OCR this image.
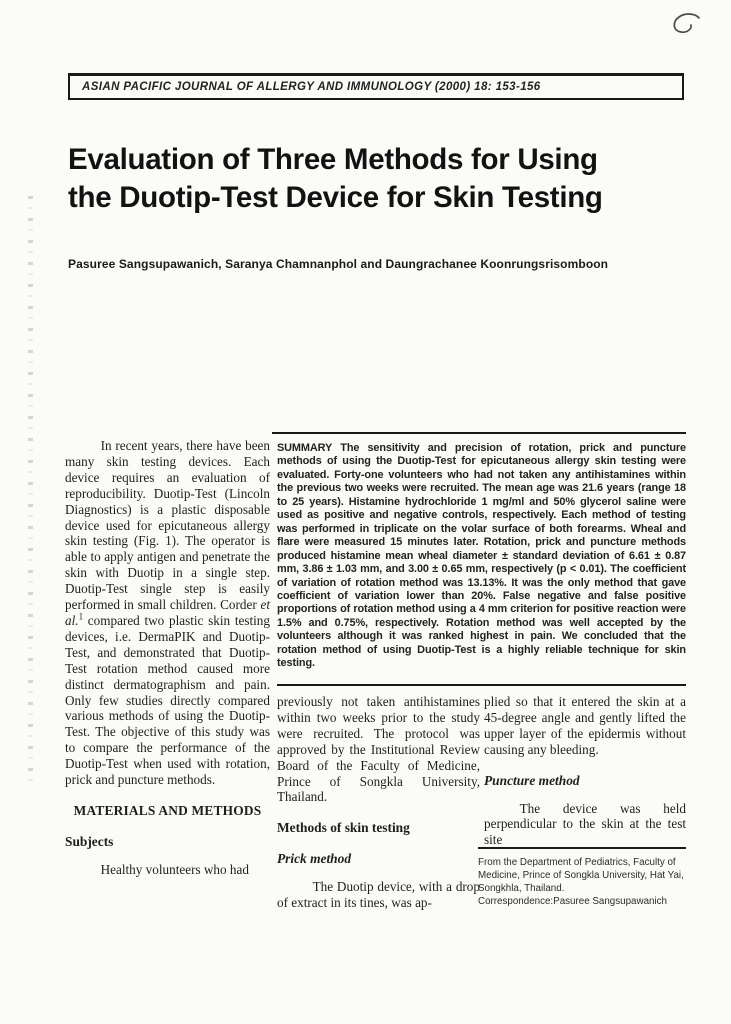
ASIAN PACIFIC JOURNAL OF ALLERGY AND IMMUNOLOGY (2000) 18: 153-156
Evaluation of Three Methods for Using
the Duotip-Test Device for Skin Testing
Pasuree Sangsupawanich, Saranya Chamnanphol and Daungrachanee Koonrungsrisomboon

In recent years, there have been many skin testing devices. Each device requires an evaluation of reproducibility. Duotip-Test (Lincoln Diagnostics) is a plastic disposable device used for epicutaneous allergy skin testing (Fig. 1). The operator is able to apply antigen and penetrate the skin with Duotip in a single step. Duotip-Test single step is easily performed in small children. Corder et al.$^1$ compared two plastic skin testing devices, i.e. DermaPIK and Duotip-Test, and demonstrated that Duotip-Test rotation method caused more distinct dermatographism and pain. Only few studies directly compared various methods of using the Duotip-Test. The objective of this study was to compare the performance of the Duotip-Test when used with rotation, prick and puncture methods.

MATERIALS AND METHODS

Subjects

Healthy volunteers who had

SUMMARY The sensitivity and precision of rotation, prick and puncture methods of using the Duotip-Test for epicutaneous allergy skin testing were evaluated. Forty-one volunteers who had not taken any antihistamines within the previous two weeks were recruited. The mean age was 21.6 years (range 18 to 25 years). Histamine hydrochloride 1 mg/ml and 50% glycerol saline were used as positive and negative controls, respectively. Each method of testing was performed in triplicate on the volar surface of both forearms. Wheal and flare were measured 15 minutes later. Rotation, prick and puncture methods produced histamine mean wheal diameter ± standard deviation of 6.61 ± 0.87 mm, 3.86 ± 1.03 mm, and 3.00 ± 0.65 mm, respectively (p < 0.01). The coefficient of variation of rotation method was 13.13%. It was the only method that gave coefficient of variation lower than 20%. False negative and false positive proportions of rotation method using a 4 mm criterion for positive reaction were 1.5% and 0.75%, respectively. Rotation method was well accepted by the volunteers although it was ranked highest in pain. We concluded that the rotation method of using Duotip-Test is a highly reliable technique for skin testing.

previously not taken antihistamines within two weeks prior to the study were recruited. The protocol was approved by the Institutional Review Board of the Faculty of Medicine, Prince of Songkla University, Thailand.

Methods of skin testing

Prick method

The Duotip device, with a drop of extract in its tines, was ap-

plied so that it entered the skin at a 45-degree angle and gently lifted the upper layer of the epidermis without causing any bleeding.

Puncture method

The device was held perpendicular to the skin at the test site

From the Department of Pediatrics, Faculty of Medicine, Prince of Songkla University, Hat Yai, Songkhla, Thailand.
Correspondence:Pasuree Sangsupawanich
